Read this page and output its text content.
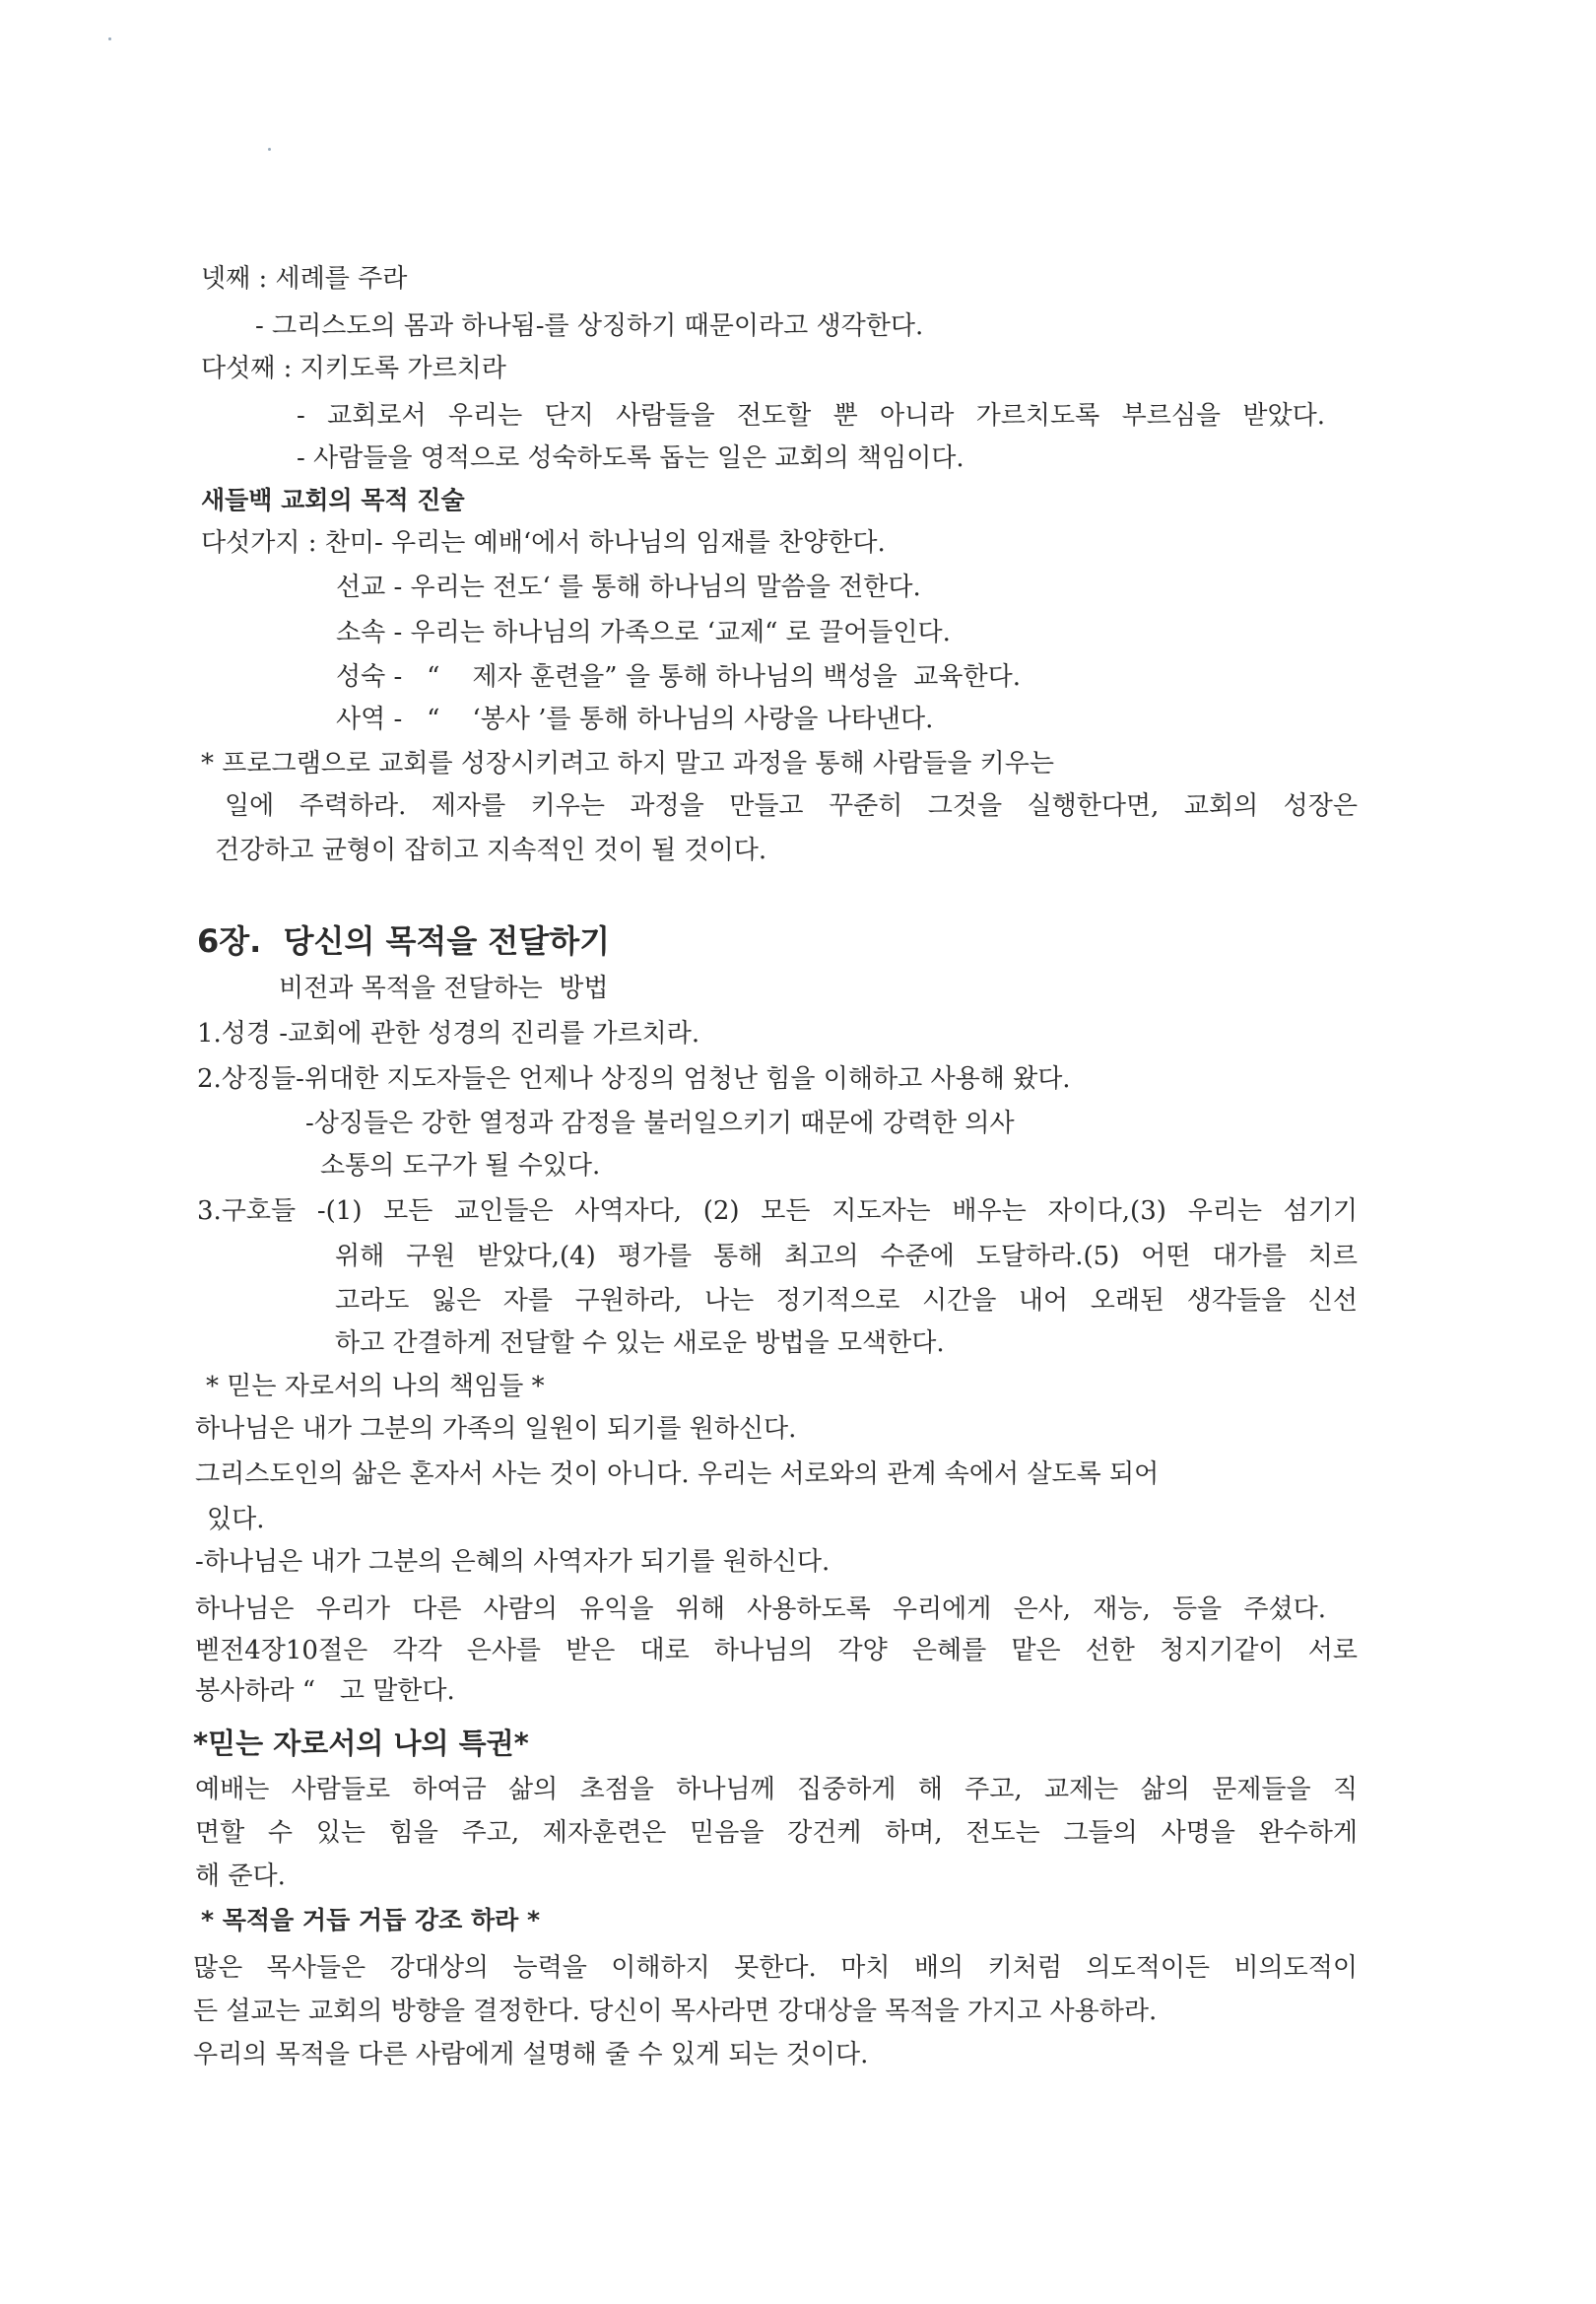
넷째 : 세례를 주라
- 그리스도의 몸과 하나됨-를 상징하기 때문이라고 생각한다.
다섯째 : 지키도록 가르치라
- 교회로서 우리는 단지 사람들을 전도할 뿐 아니라 가르치도록 부르심을 받았다.
- 사람들을 영적으로 성숙하도록 돕는 일은 교회의 책임이다.
새들백 교회의 목적 진술
다섯가지 : 찬미- 우리는 예배‘에서 하나님의 임재를 찬양한다.
선교 - 우리는 전도‘ 를 통해 하나님의 말씀을 전한다.
소속 - 우리는 하나님의 가족으로 ‘교제“ 로 끌어들인다.
성숙 -   “    제자 훈련을” 을 통해 하나님의 백성을  교육한다.
사역 -   “    ‘봉사 ’를 통해 하나님의 사랑을 나타낸다.
* 프로그램으로 교회를 성장시키려고 하지 말고 과정을 통해 사람들을 키우는
일에 주력하라. 제자를 키우는 과정을 만들고 꾸준히 그것을 실행한다면, 교회의 성장은
건강하고 균형이 잡히고 지속적인 것이 될 것이다.
6장.  당신의 목적을 전달하기
비전과 목적을 전달하는  방법
1.성경 -교회에 관한 성경의 진리를 가르치라.
2.상징들-위대한 지도자들은 언제나 상징의 엄청난 힘을 이해하고 사용해 왔다.
-상징들은 강한 열정과 감정을 불러일으키기 때문에 강력한 의사
소통의 도구가 될 수있다.
3.구호들 -(1) 모든 교인들은 사역자다, (2) 모든 지도자는 배우는 자이다,(3) 우리는 섬기기
위해 구원 받았다,(4) 평가를 통해 최고의 수준에 도달하라.(5) 어떤 대가를 치르
고라도 잃은 자를 구원하라, 나는 정기적으로 시간을 내어 오래된 생각들을 신선
하고 간결하게 전달할 수 있는 새로운 방법을 모색한다.
* 믿는 자로서의 나의 책임들 *
하나님은 내가 그분의 가족의 일원이 되기를 원하신다.
그리스도인의 삶은 혼자서 사는 것이 아니다. 우리는 서로와의 관계 속에서 살도록 되어
있다.
-하나님은 내가 그분의 은혜의 사역자가 되기를 원하신다.
하나님은 우리가 다른 사람의 유익을 위해 사용하도록 우리에게 은사, 재능, 등을 주셨다.
벧전4장10절은 각각 은사를 받은 대로 하나님의 각양 은혜를 맡은 선한 청지기같이 서로
봉사하라 “   고 말한다.
*믿는 자로서의 나의 특권*
예배는 사람들로 하여금 삶의 초점을 하나님께 집중하게 해 주고, 교제는 삶의 문제들을 직
면할 수 있는 힘을 주고, 제자훈련은 믿음을 강건케 하며, 전도는 그들의 사명을 완수하게
해 준다.
* 목적을 거듭 거듭 강조 하라 *
많은 목사들은 강대상의 능력을 이해하지 못한다. 마치 배의 키처럼 의도적이든 비의도적이
든 설교는 교회의 방향을 결정한다. 당신이 목사라면 강대상을 목적을 가지고 사용하라.
우리의 목적을 다른 사람에게 설명해 줄 수 있게 되는 것이다.
